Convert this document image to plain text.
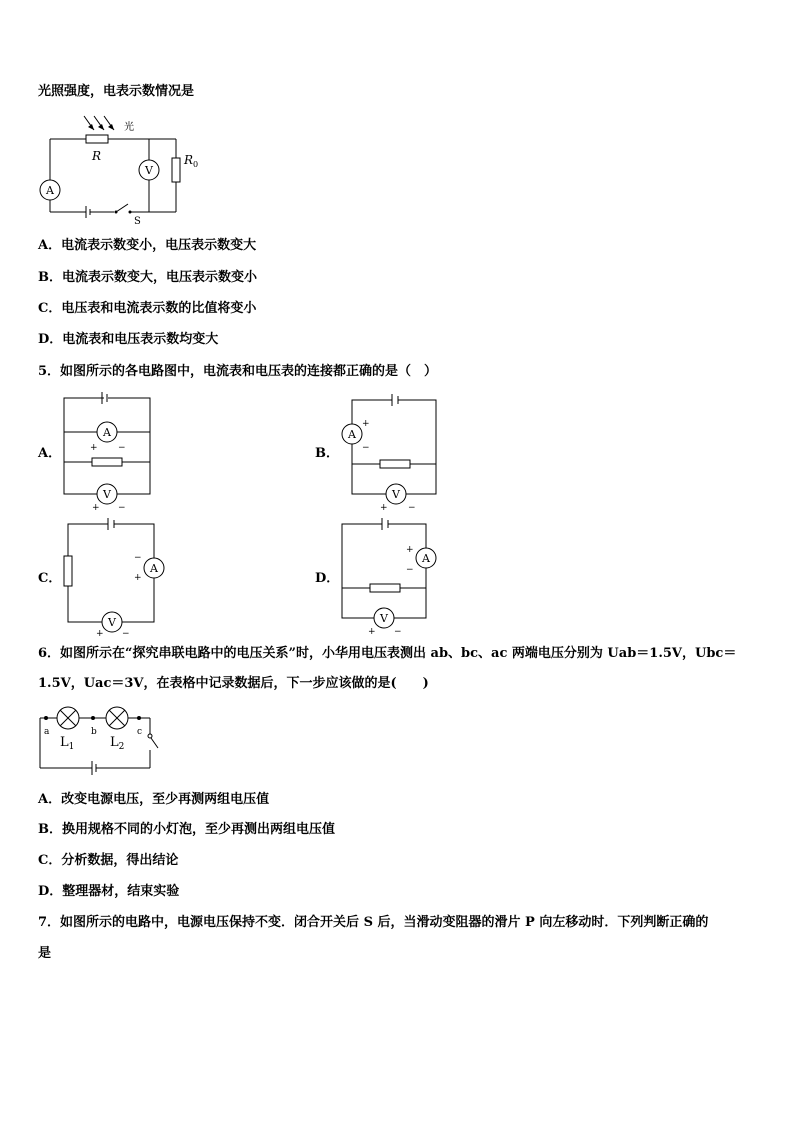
光照强度，电表示数情况是
光
R
A
S
V
$R_0$
A．电流表示数变小，电压表示数变大
B．电流表示数变大，电压表示数变小
C．电压表和电流表示数的比值将变小
D．电流表和电压表示数均变大
5．如图所示的各电路图中，电流表和电压表的连接都正确的是（　）
A．
A
+ −
V
+ −
B．
A
+
−
V
+ −
C．
A
−
+
V
+ −
D．
A
+
−
V
+ −
6．如图所示在“探究串联电路中的电压关系”时，小华用电压表测出 ab、bc、ac 两端电压分别为 Uab＝1.5V，Ubc＝
1.5V，Uac＝3V，在表格中记录数据后，下一步应该做的是(　　)
a	b	c
$L_1$	$L_2$
A．改变电源电压，至少再测两组电压值
B．换用规格不同的小灯泡，至少再测出两组电压值
C．分析数据，得出结论
D．整理器材，结束实验
7．如图所示的电路中，电源电压保持不变．闭合开关后 S 后，当滑动变阻器的滑片 P 向左移动时．下列判断正确的
是
